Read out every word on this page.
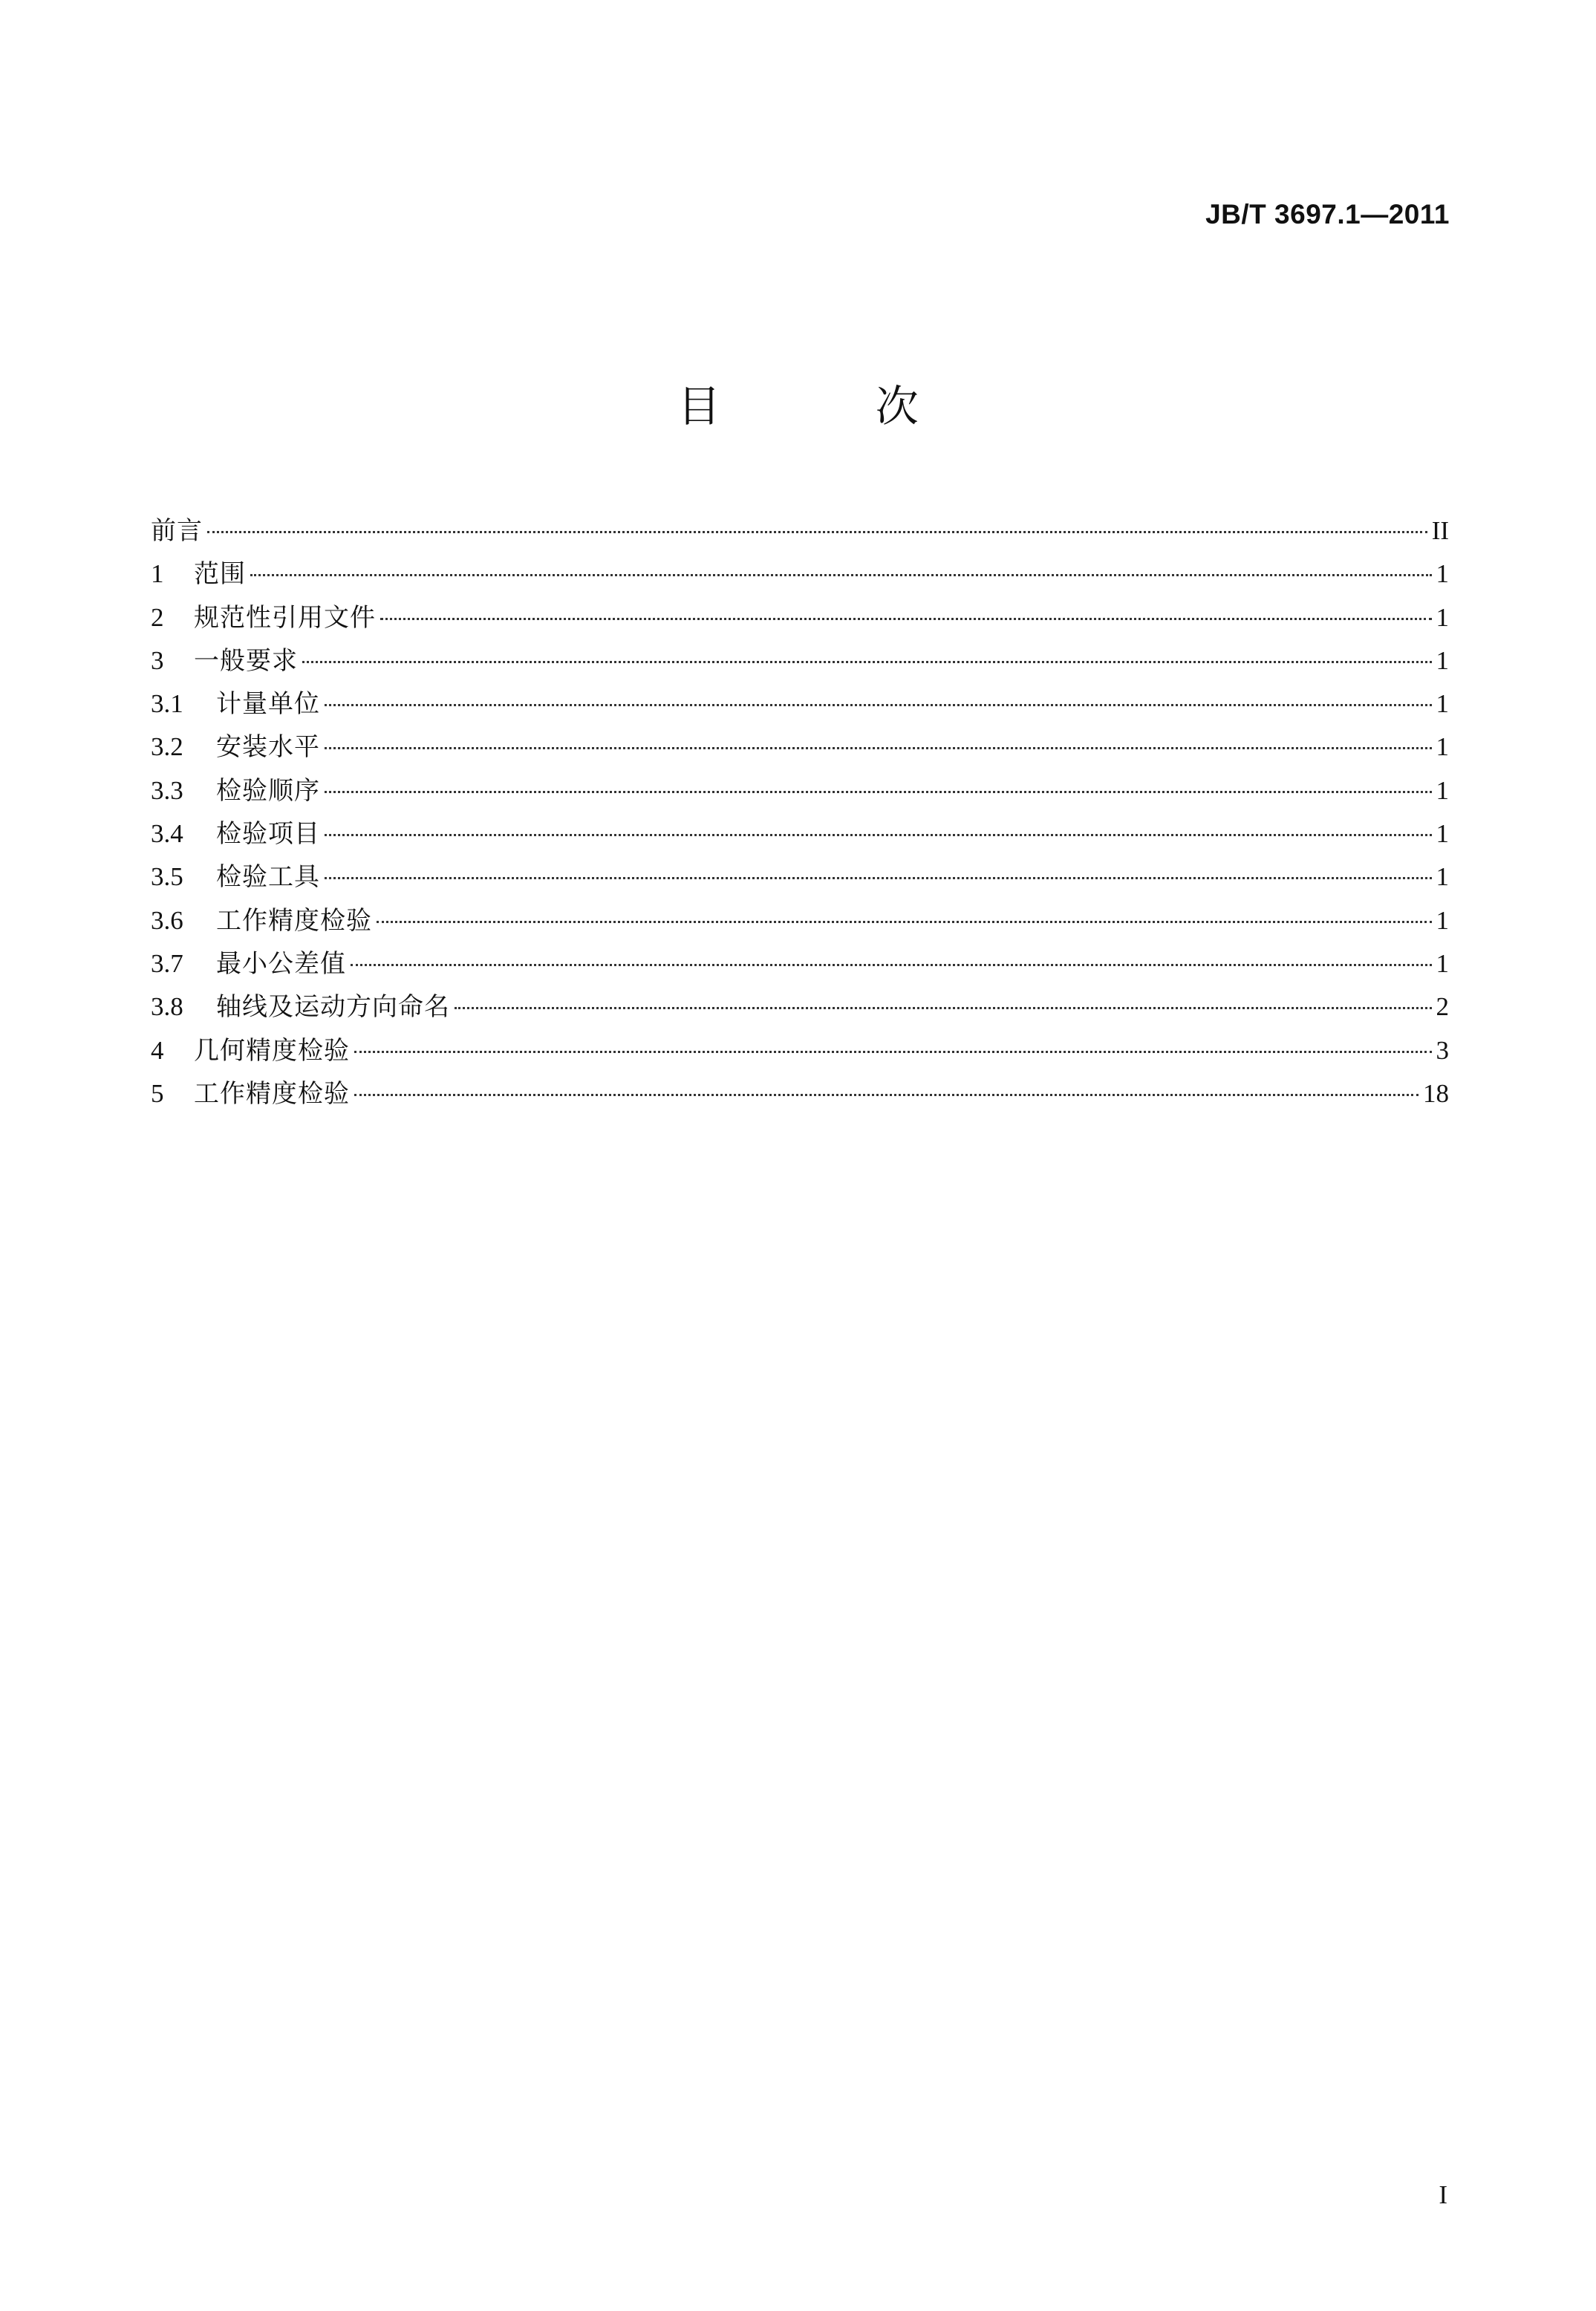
JB/T 3697.1—2011
目 次
前言	II
1	范围	1
2	规范性引用文件	1
3	一般要求	1
3.1	计量单位	1
3.2	安装水平	1
3.3	检验顺序	1
3.4	检验项目	1
3.5	检验工具	1
3.6	工作精度检验	1
3.7	最小公差值	1
3.8	轴线及运动方向命名	2
4	几何精度检验	3
5	工作精度检验	18
I
